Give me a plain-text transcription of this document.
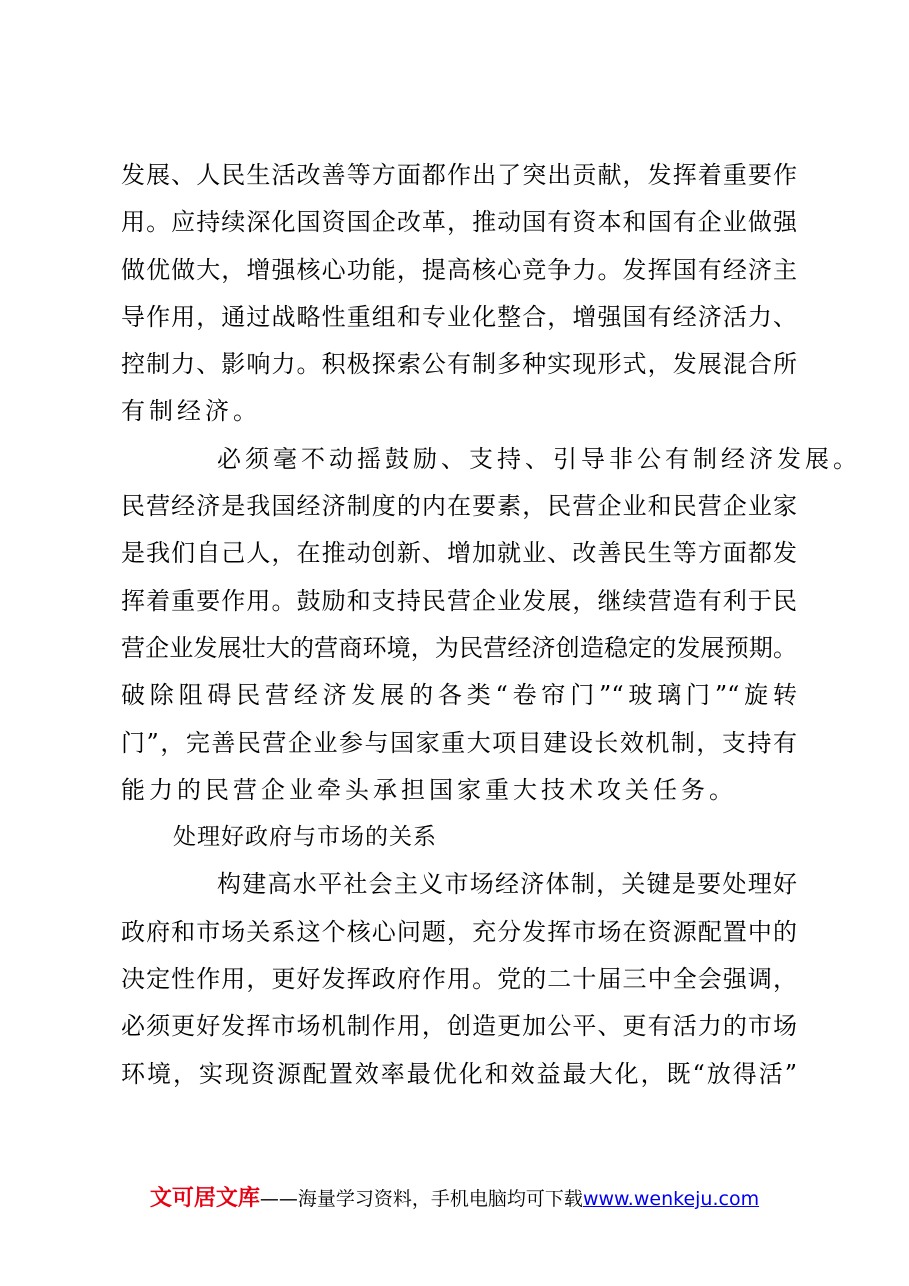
发展、人民生活改善等方面都作出了突出贡献，发挥着重要作
用。应持续深化国资国企改革，推动国有资本和国有企业做强
做优做大，增强核心功能，提高核心竞争力。发挥国有经济主
导作用，通过战略性重组和专业化整合，增强国有经济活力、
控制力、影响力。积极探索公有制多种实现形式，发展混合所
有制经济。
必须毫不动摇鼓励、支持、引导非公有制经济发展。
民营经济是我国经济制度的内在要素，民营企业和民营企业家
是我们自己人，在推动创新、增加就业、改善民生等方面都发
挥着重要作用。鼓励和支持民营企业发展，继续营造有利于民
营企业发展壮大的营商环境，为民营经济创造稳定的发展预期。
破除阻碍民营经济发展的各类“卷帘门”“玻璃门”“旋转
门”，完善民营企业参与国家重大项目建设长效机制，支持有
能力的民营企业牵头承担国家重大技术攻关任务。
处理好政府与市场的关系
构建高水平社会主义市场经济体制，关键是要处理好
政府和市场关系这个核心问题，充分发挥市场在资源配置中的
决定性作用，更好发挥政府作用。党的二十届三中全会强调，
必须更好发挥市场机制作用，创造更加公平、更有活力的市场
环境，实现资源配置效率最优化和效益最大化，既“放得活”
文可居文库——海量学习资料，手机电脑均可下载www.wenkeju.com
